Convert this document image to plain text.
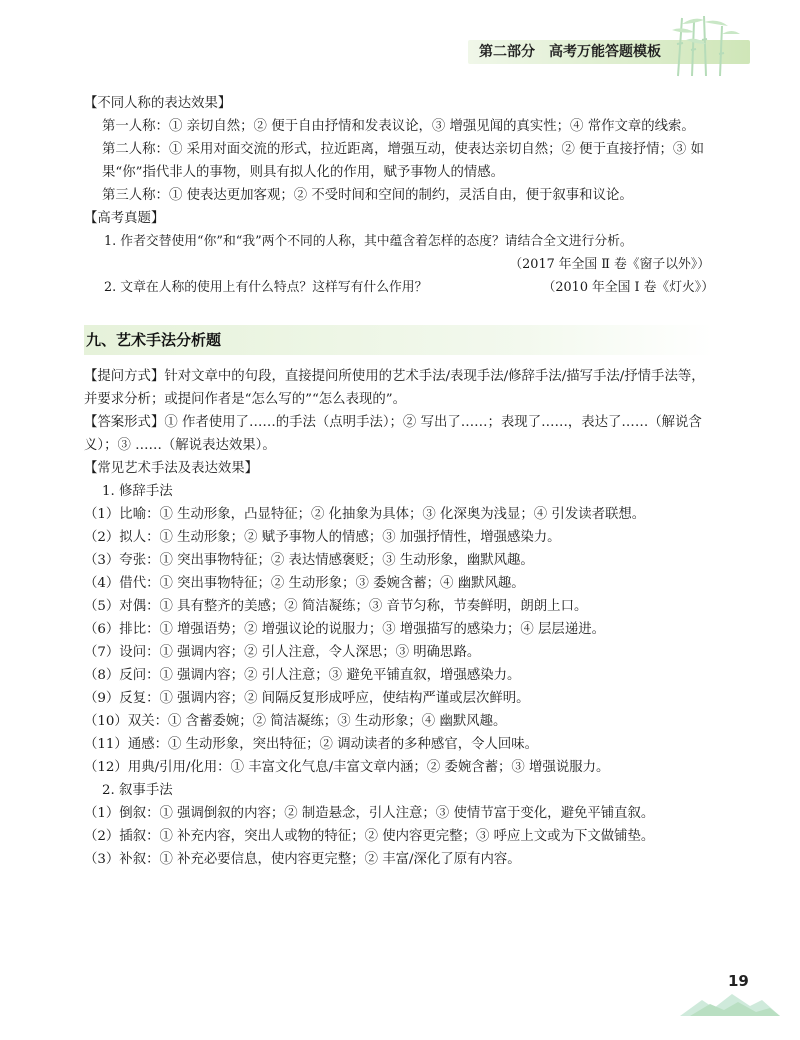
第二部分 高考万能答题模板
【不同人称的表达效果】
第一人称：① 亲切自然；② 便于自由抒情和发表议论，③ 增强见闻的真实性；④ 常作文章的线索。
第二人称：① 采用对面交流的形式，拉近距离，增强互动，使表达亲切自然；② 便于直接抒情；③ 如果“你”指代非人的事物，则具有拟人化的作用，赋予事物人的情感。
第三人称：① 使表达更加客观；② 不受时间和空间的制约，灵活自由，便于叙事和议论。
【高考真题】
1. 作者交替使用“你”和“我”两个不同的人称，其中蕴含着怎样的态度？请结合全文进行分析。
（2017 年全国 Ⅱ 卷《窗子以外》）
2. 文章在人称的使用上有什么特点？这样写有什么作用？	（2010 年全国 Ⅰ 卷《灯火》）
九、艺术手法分析题
【提问方式】针对文章中的句段，直接提问所使用的艺术手法/表现手法/修辞手法/描写手法/抒情手法等，并要求分析；或提问作者是“怎么写的”“怎么表现的”。
【答案形式】① 作者使用了……的手法（点明手法）；② 写出了……；表现了……，表达了……（解说含义）；③ ……（解说表达效果）。
【常见艺术手法及表达效果】
1. 修辞手法
（1）比喻：① 生动形象，凸显特征；② 化抽象为具体；③ 化深奥为浅显；④ 引发读者联想。
（2）拟人：① 生动形象；② 赋予事物人的情感；③ 加强抒情性，增强感染力。
（3）夸张：① 突出事物特征；② 表达情感褒贬；③ 生动形象，幽默风趣。
（4）借代：① 突出事物特征；② 生动形象；③ 委婉含蓄；④ 幽默风趣。
（5）对偶：① 具有整齐的美感；② 简洁凝练；③ 音节匀称，节奏鲜明，朗朗上口。
（6）排比：① 增强语势；② 增强议论的说服力；③ 增强描写的感染力；④ 层层递进。
（7）设问：① 强调内容；② 引人注意，令人深思；③ 明确思路。
（8）反问：① 强调内容；② 引人注意；③ 避免平铺直叙，增强感染力。
（9）反复：① 强调内容；② 间隔反复形成呼应，使结构严谨或层次鲜明。
（10）双关：① 含蓄委婉；② 简洁凝练；③ 生动形象；④ 幽默风趣。
（11）通感：① 生动形象，突出特征；② 调动读者的多种感官，令人回味。
（12）用典/引用/化用：① 丰富文化气息/丰富文章内涵；② 委婉含蓄；③ 增强说服力。
2. 叙事手法
（1）倒叙：① 强调倒叙的内容；② 制造悬念，引人注意；③ 使情节富于变化，避免平铺直叙。
（2）插叙：① 补充内容，突出人或物的特征；② 使内容更完整；③ 呼应上文或为下文做铺垫。
（3）补叙：① 补充必要信息，使内容更完整；② 丰富/深化了原有内容。
19
